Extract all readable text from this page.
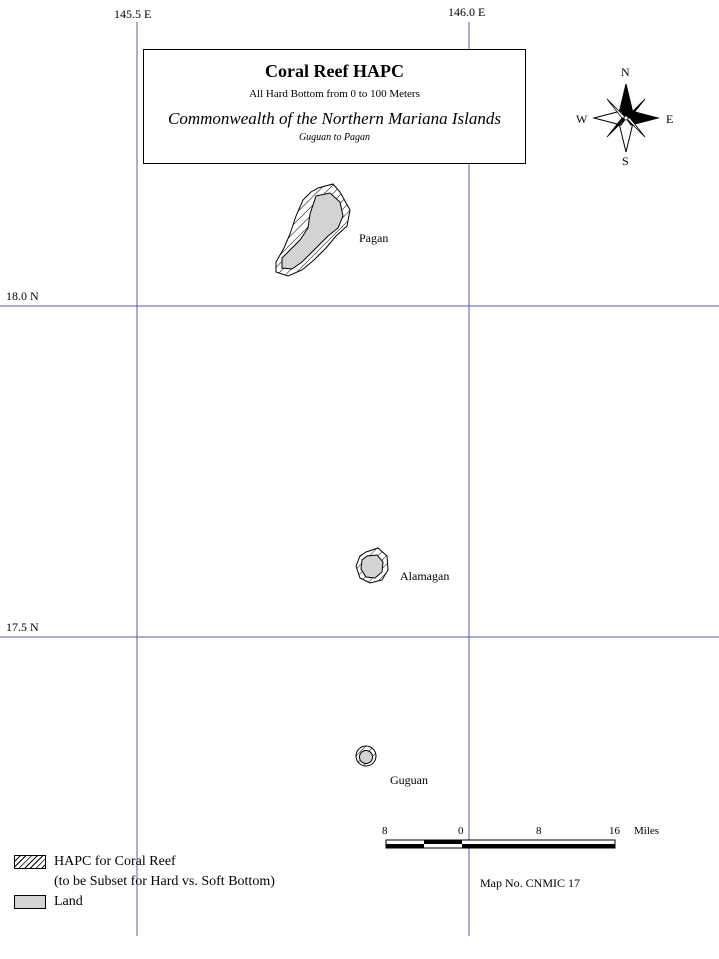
145.5 E	146.0 E
18.0 N
17.5 N
N
S
E
W
Pagan
Alamagan
Guguan
8	0	8	16 Miles
Coral Reef HAPC
All Hard Bottom from 0 to 100 Meters
Commonwealth of the Northern Mariana Islands
Guguan to Pagan
HAPC for Coral Reef
(to be Subset for Hard vs. Soft Bottom)
Land
Map No. CNMIC 17
